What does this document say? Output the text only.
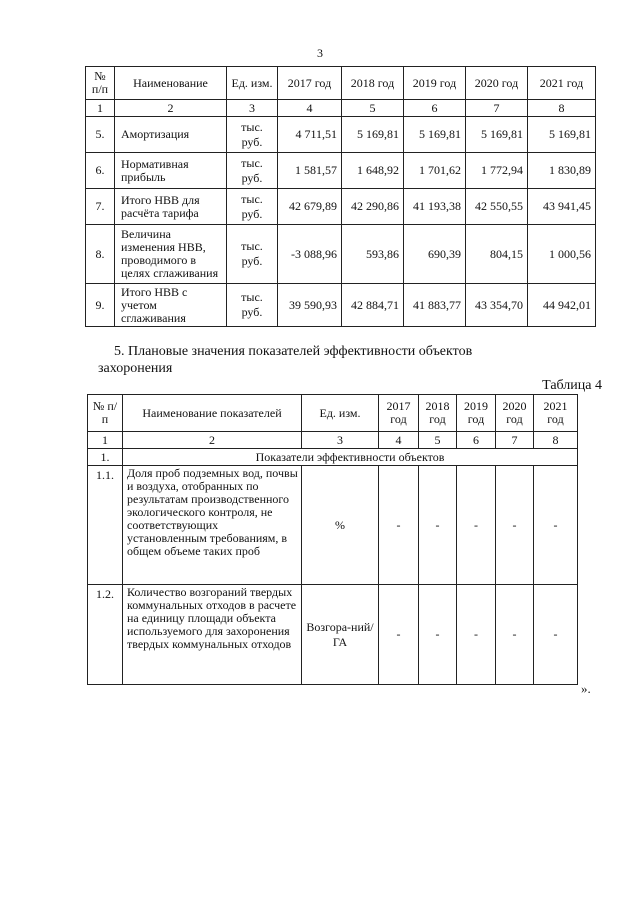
3
№ п/п	Наименование	Ед. изм.	2017 год	2018 год	2019 год	2020 год	2021 год
1	2	3	4	5	6	7	8
5.	Амортизация	тыс. руб.	4 711,51	5 169,81	5 169,81	5 169,81	5 169,81
6.	Нормативная прибыль	тыс. руб.	1 581,57	1 648,92	1 701,62	1 772,94	1 830,89
7.	Итого НВВ для расчёта тарифа	тыс. руб.	42 679,89	42 290,86	41 193,38	42 550,55	43 941,45
8.	Величина изменения НВВ, проводимого в целях сглаживания	тыс. руб.	-3 088,96	593,86	690,39	804,15	1 000,56
9.	Итого НВВ с учетом сглаживания	тыс. руб.	39 590,93	42 884,71	41 883,77	43 354,70	44 942,01
5. Плановые значения показателей эффективности объектов
захоронения
Таблица 4
№ п/п	Наименование показателей	Ед. изм.	2017 год	2018 год	2019 год	2020 год	2021 год
1	2	3	4	5	6	7	8
1.	Показатели эффективности объектов						
1.1.	Доля проб подземных вод, почвы и воздуха, отобранных по результатам производственного экологического контроля, не соответствующих установленным требованиям, в общем объеме таких проб	%	-	-	-	-	-
1.2.	Количество возгораний твердых коммунальных отходов в расчете на единицу площади объекта используемого для захоронения твердых коммунальных отходов	Возгора-ний/ГА	-	-	-	-	-
».
